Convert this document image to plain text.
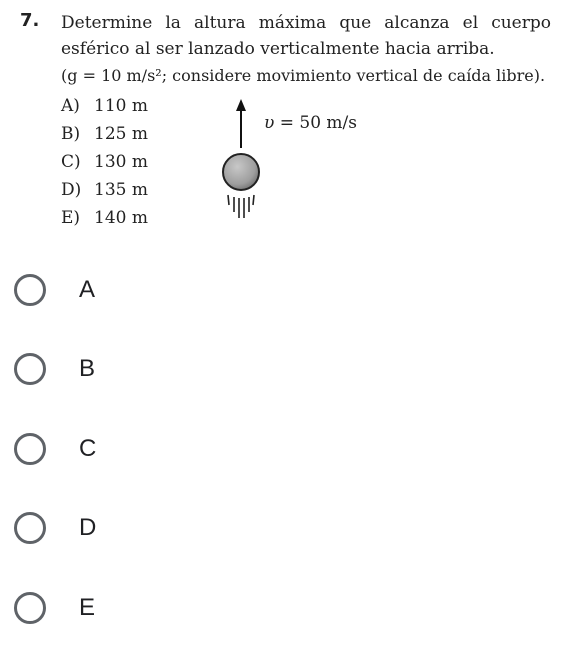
7. Determine la altura máxima que alcanza el cuerpo esférico al ser lanzado verticalmente hacia arriba.
(g = 10 m/s²; considere movimiento vertical de caída libre).
A) 110 m
B) 125 m
C) 130 m
D) 135 m
E) 140 m
υ = 50 m/s
A
B
C
D
E
